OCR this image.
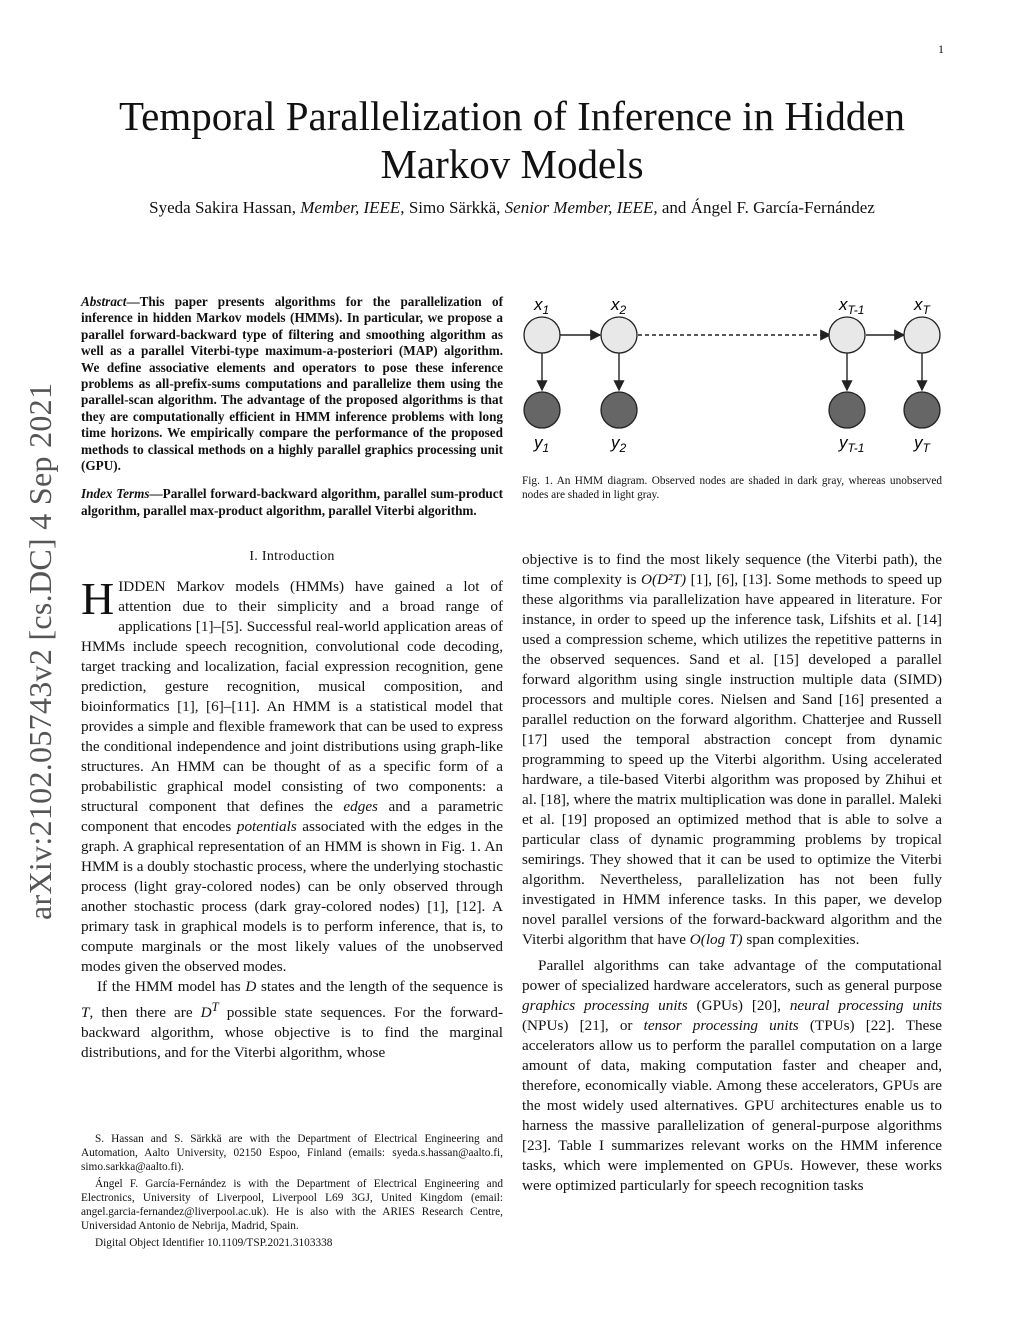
1
arXiv:2102.05743v2 [cs.DC] 4 Sep 2021
Temporal Parallelization of Inference in Hidden Markov Models
Syeda Sakira Hassan, Member, IEEE, Simo Särkkä, Senior Member, IEEE, and Ángel F. García-Fernández

Abstract—This paper presents algorithms for the parallelization of inference in hidden Markov models (HMMs). In particular, we propose a parallel forward-backward type of filtering and smoothing algorithm as well as a parallel Viterbi-type maximum-a-posteriori (MAP) algorithm. We define associative elements and operators to pose these inference problems as all-prefix-sums computations and parallelize them using the parallel-scan algorithm. The advantage of the proposed algorithms is that they are computationally efficient in HMM inference problems with long time horizons. We empirically compare the performance of the proposed methods to classical methods on a highly parallel graphics processing unit (GPU).

Index Terms—Parallel forward-backward algorithm, parallel sum-product algorithm, parallel max-product algorithm, parallel Viterbi algorithm.

I. Introduction

HIDDEN Markov models (HMMs) have gained a lot of attention due to their simplicity and a broad range of applications [1]–[5]. Successful real-world application areas of HMMs include speech recognition, convolutional code decoding, target tracking and localization, facial expression recognition, gene prediction, gesture recognition, musical composition, and bioinformatics [1], [6]–[11]. An HMM is a statistical model that provides a simple and flexible framework that can be used to express the conditional independence and joint distributions using graph-like structures. An HMM can be thought of as a specific form of a probabilistic graphical model consisting of two components: a structural component that defines the edges and a parametric component that encodes potentials associated with the edges in the graph. A graphical representation of an HMM is shown in Fig. 1. An HMM is a doubly stochastic process, where the underlying stochastic process (light gray-colored nodes) can be only observed through another stochastic process (dark gray-colored nodes) [1], [12]. A primary task in graphical models is to perform inference, that is, to compute marginals or the most likely values of the unobserved modes given the observed modes.

If the HMM model has D states and the length of the sequence is T, then there are $D^T$ possible state sequences. For the forward-backward algorithm, whose objective is to find the marginal distributions, and for the Viterbi algorithm, whose

S. Hassan and S. Särkkä are with the Department of Electrical Engineering and Automation, Aalto University, 02150 Espoo, Finland (emails: syeda.s.hassan@aalto.fi, simo.sarkka@aalto.fi).

Ángel F. García-Fernández is with the Department of Electrical Engineering and Electronics, University of Liverpool, Liverpool L69 3GJ, United Kingdom (email: angel.garcia-fernandez@liverpool.ac.uk). He is also with the ARIES Research Centre, Universidad Antonio de Nebrija, Madrid, Spain.

Digital Object Identifier 10.1109/TSP.2021.3103338

$x_1$
$y_1$
$x_2$
$y_2$
$x_{T-1}$
$y_{T-1}$
$x_T$
$y_T$
Fig. 1. An HMM diagram. Observed nodes are shaded in dark gray, whereas unobserved nodes are shaded in light gray.

objective is to find the most likely sequence (the Viterbi path), the time complexity is O(D²T) [1], [6], [13]. Some methods to speed up these algorithms via parallelization have appeared in literature. For instance, in order to speed up the inference task, Lifshits et al. [14] used a compression scheme, which utilizes the repetitive patterns in the observed sequences. Sand et al. [15] developed a parallel forward algorithm using single instruction multiple data (SIMD) processors and multiple cores. Nielsen and Sand [16] presented a parallel reduction on the forward algorithm. Chatterjee and Russell [17] used the temporal abstraction concept from dynamic programming to speed up the Viterbi algorithm. Using accelerated hardware, a tile-based Viterbi algorithm was proposed by Zhihui et al. [18], where the matrix multiplication was done in parallel. Maleki et al. [19] proposed an optimized method that is able to solve a particular class of dynamic programming problems by tropical semirings. They showed that it can be used to optimize the Viterbi algorithm. Nevertheless, parallelization has not been fully investigated in HMM inference tasks. In this paper, we develop novel parallel versions of the forward-backward algorithm and the Viterbi algorithm that have O(log T) span complexities.

Parallel algorithms can take advantage of the computational power of specialized hardware accelerators, such as general purpose graphics processing units (GPUs) [20], neural processing units (NPUs) [21], or tensor processing units (TPUs) [22]. These accelerators allow us to perform the parallel computation on a large amount of data, making computation faster and cheaper and, therefore, economically viable. Among these accelerators, GPUs are the most widely used alternatives. GPU architectures enable us to harness the massive parallelization of general-purpose algorithms [23]. Table I summarizes relevant works on the HMM inference tasks, which were implemented on GPUs. However, these works were optimized particularly for speech recognition tasks
